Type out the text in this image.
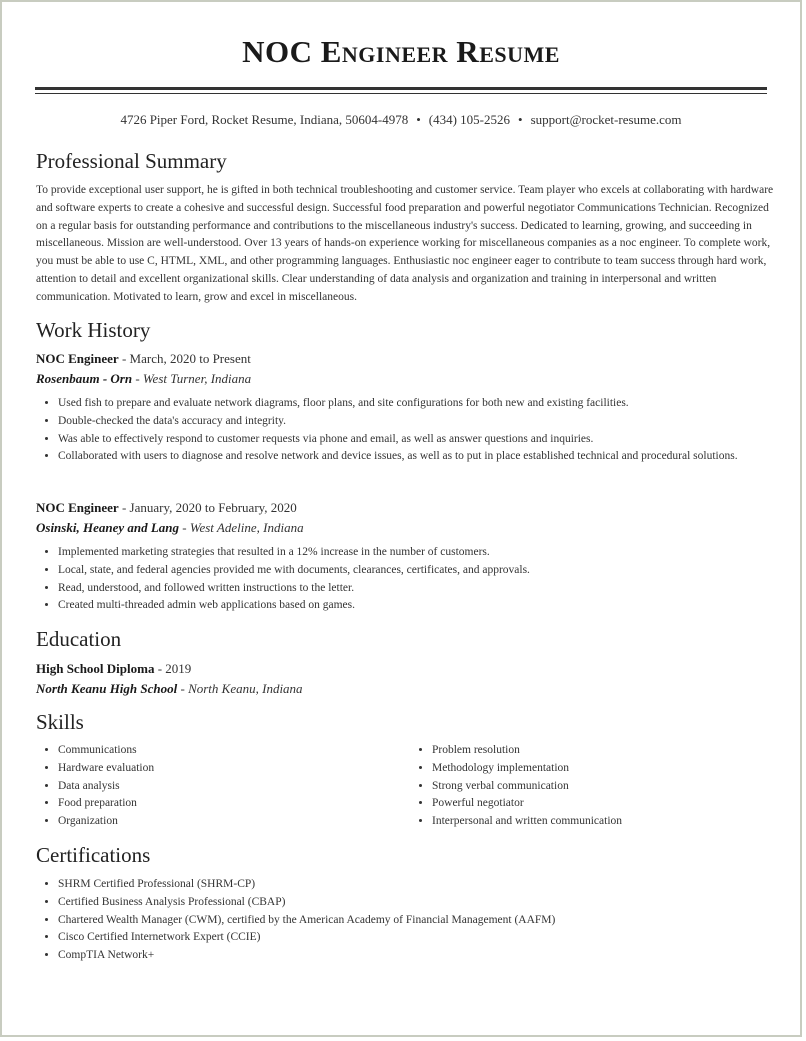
NOC Engineer Resume
4726 Piper Ford, Rocket Resume, Indiana, 50604-4978 • (434) 105-2526 • support@rocket-resume.com
Professional Summary

To provide exceptional user support, he is gifted in both technical troubleshooting and customer service. Team player who excels at collaborating with hardware and software experts to create a cohesive and successful design. Successful food preparation and powerful negotiator Communications Technician. Recognized on a regular basis for outstanding performance and contributions to the miscellaneous industry's success. Dedicated to learning, growing, and succeeding in miscellaneous. Mission are well-understood. Over 13 years of hands-on experience working for miscellaneous companies as a noc engineer. To complete work, you must be able to use C, HTML, XML, and other programming languages. Enthusiastic noc engineer eager to contribute to team success through hard work, attention to detail and excellent organizational skills. Clear understanding of data analysis and organization and training in interpersonal and written communication. Motivated to learn, grow and excel in miscellaneous.

Work History
NOC Engineer - March, 2020 to Present
Rosenbaum - Orn - West Turner, Indiana
• Used fish to prepare and evaluate network diagrams, floor plans, and site configurations for both new and existing facilities.
• Double-checked the data's accuracy and integrity.
• Was able to effectively respond to customer requests via phone and email, as well as answer questions and inquiries.
• Collaborated with users to diagnose and resolve network and device issues, as well as to put in place established technical and procedural solutions.
NOC Engineer - January, 2020 to February, 2020
Osinski, Heaney and Lang - West Adeline, Indiana
• Implemented marketing strategies that resulted in a 12% increase in the number of customers.
• Local, state, and federal agencies provided me with documents, clearances, certificates, and approvals.
• Read, understood, and followed written instructions to the letter.
• Created multi-threaded admin web applications based on games.
Education
High School Diploma - 2019
North Keanu High School - North Keanu, Indiana
Skills
• Communications
• Hardware evaluation
• Data analysis
• Food preparation
• Organization
• Problem resolution
• Methodology implementation
• Strong verbal communication
• Powerful negotiator
• Interpersonal and written communication
Certifications
• SHRM Certified Professional (SHRM-CP)
• Certified Business Analysis Professional (CBAP)
• Chartered Wealth Manager (CWM), certified by the American Academy of Financial Management (AAFM)
• Cisco Certified Internetwork Expert (CCIE)
• CompTIA Network+
